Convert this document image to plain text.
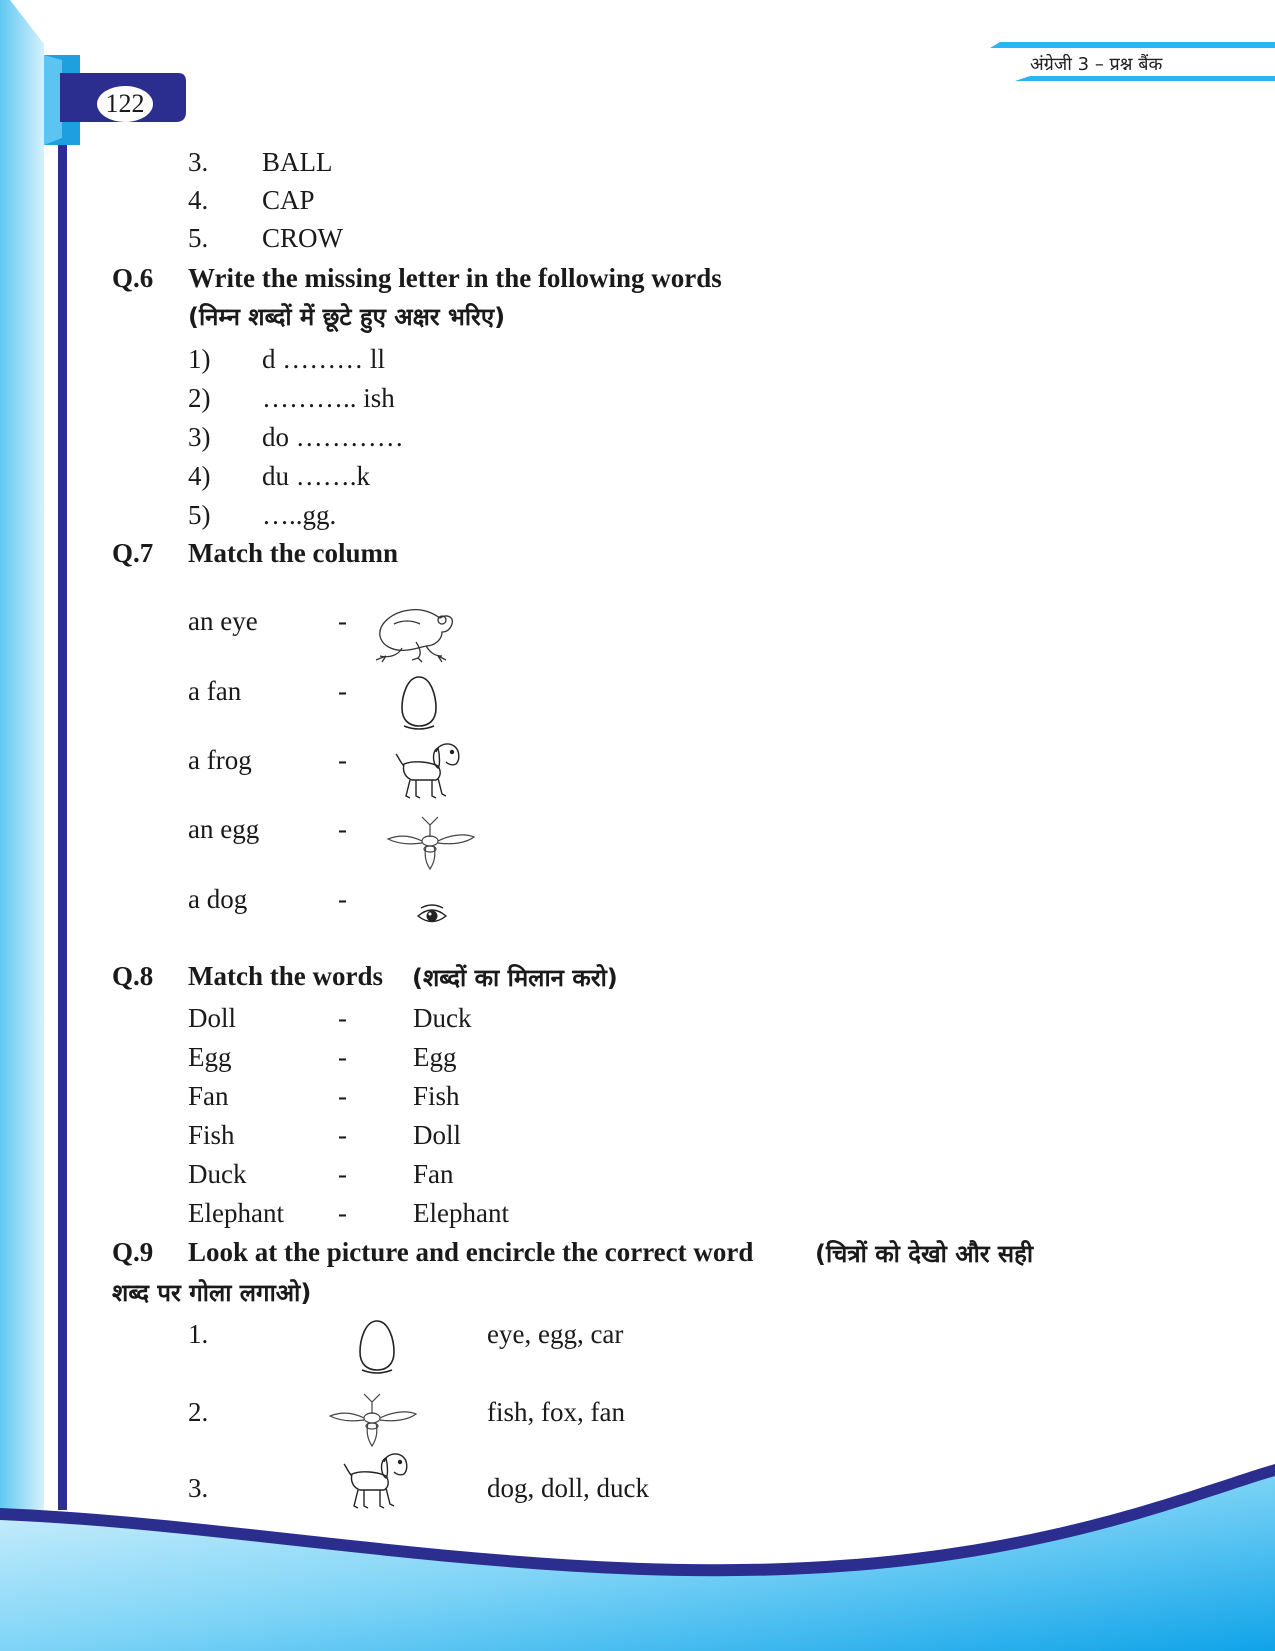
122
अंग्रेजी 3 – प्रश्न बैंक
3. BALL
4. CAP
5. CROW
Q.6 Write the missing letter in the following words
(निम्न शब्दों में छूटे हुए अक्षर भरिए)
1) d ……… ll
2) ……….. ish
3) do …………
4) du …….k
5) …..gg.
Q.7 Match the column
an eye	-
a fan	-
a frog	-
an egg	-
a dog	-
Q.8 Match the words (शब्दों का मिलान करो)
Doll	- Duck
Egg	- Egg
Fan	- Fish
Fish	- Doll
Duck	- Fan
Elephant - Elephant
Q.9 Look at the picture and encircle the correct word	(चित्रों को देखो और सही
शब्द पर गोला लगाओ)
1.	eye, egg, car
2.	fish, fox, fan
3.	dog, doll, duck
